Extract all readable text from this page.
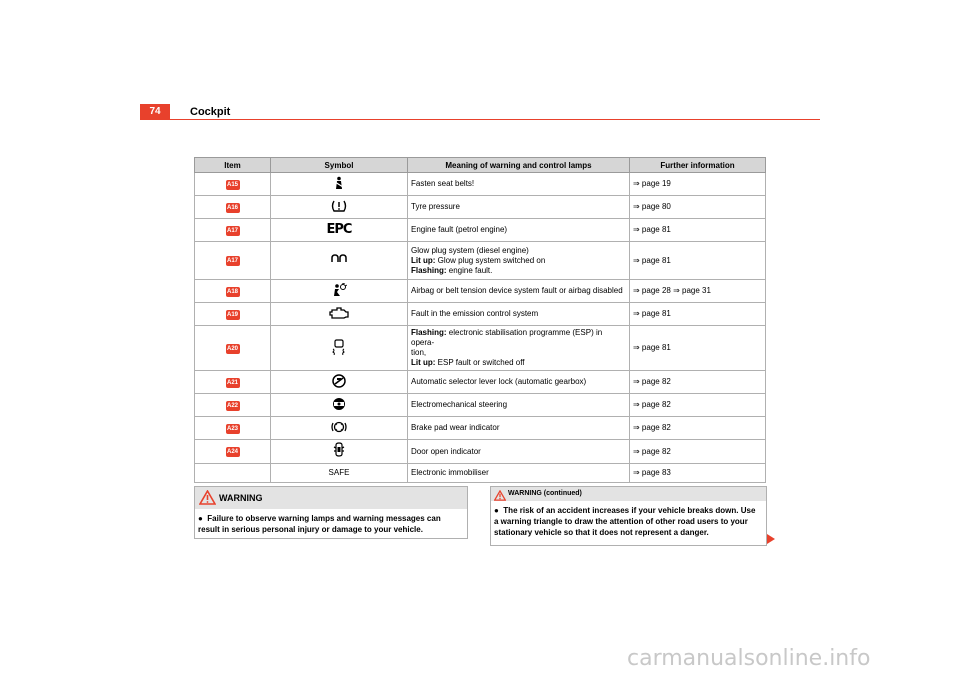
74	Cockpit
Item	Symbol	Meaning of warning and control lamps	Further information
A15		Fasten seat belts!	⇒ page 19
A16		Tyre pressure	⇒ page 80
A17	EPC	Engine fault (petrol engine)	⇒ page 81
A17		Glow plug system (diesel engine)
Lit up: Glow plug system switched on
Flashing: engine fault.	⇒ page 81
A18		Airbag or belt tension device system fault or airbag disabled	⇒ page 28 ⇒ page 31
A19		Fault in the emission control system	⇒ page 81
A20		Flashing: electronic stabilisation programme (ESP) in opera-
tion,
Lit up: ESP fault or switched off	⇒ page 81
A21		Automatic selector lever lock (automatic gearbox)	⇒ page 82
A22		Electromechanical steering	⇒ page 82
A23		Brake pad wear indicator	⇒ page 82
A24		Door open indicator	⇒ page 82
	SAFE	Electronic immobiliser	⇒ page 83
WARNING
● Failure to observe warning lamps and warning messages can result in serious personal injury or damage to your vehicle.
WARNING (continued)
● The risk of an accident increases if your vehicle breaks down. Use a warning triangle to draw the attention of other road users to your stationary vehicle so that it does not represent a danger.
carmanualsonline.info
